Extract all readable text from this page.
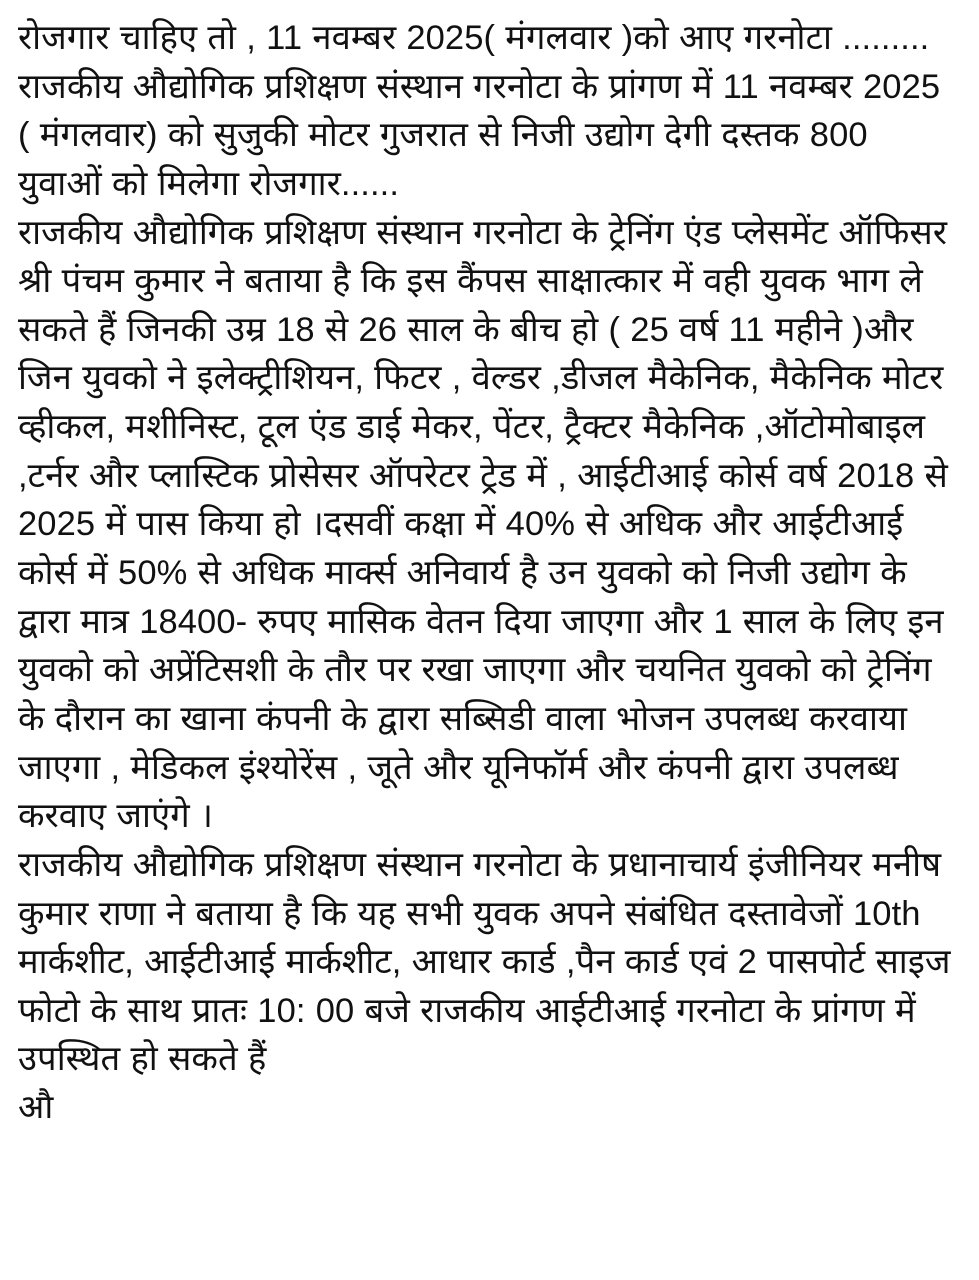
रोजगार चाहिए तो , 11 नवम्बर 2025( मंगलवार )को आए गरनोटा .........

राजकीय औद्योगिक प्रशिक्षण संस्थान गरनोटा के प्रांगण में 11 नवम्बर 2025 ( मंगलवार) को सुजुकी मोटर गुजरात से निजी उद्योग देगी दस्तक 800 युवाओं को मिलेगा रोजगार......

राजकीय औद्योगिक प्रशिक्षण संस्थान गरनोटा के ट्रेनिंग एंड प्लेसमेंट ऑफिसर श्री पंचम कुमार ने बताया है कि इस कैंपस साक्षात्कार में वही युवक भाग ले सकते हैं जिनकी उम्र 18 से 26 साल के बीच हो ( 25 वर्ष 11 महीने )और जिन युवको ने इलेक्ट्रीशियन, फिटर , वेल्डर ,डीजल मैकेनिक, मैकेनिक मोटर व्हीकल, मशीनिस्ट, टूल एंड डाई मेकर, पेंटर, ट्रैक्टर मैकेनिक ,ऑटोमोबाइल ,टर्नर और प्लास्टिक प्रोसेसर ऑपरेटर ट्रेड में , आईटीआई कोर्स वर्ष 2018 से 2025 में पास किया हो ।दसवीं कक्षा में 40% से अधिक और आईटीआई कोर्स में 50% से अधिक मार्क्स अनिवार्य है उन युवको को निजी उद्योग के द्वारा मात्र 18400- रुपए मासिक वेतन दिया जाएगा और 1 साल के लिए इन युवको को अप्रेंटिसशी के तौर पर रखा जाएगा और चयनित युवको को ट्रेनिंग के दौरान का खाना कंपनी के द्वारा सब्सिडी वाला भोजन उपलब्ध करवाया जाएगा , मेडिकल इंश्योरेंस , जूते और यूनिफॉर्म और कंपनी द्वारा उपलब्ध करवाए जाएंगे ।

राजकीय औद्योगिक प्रशिक्षण संस्थान गरनोटा के प्रधानाचार्य इंजीनियर मनीष कुमार राणा ने बताया है कि यह सभी युवक अपने संबंधित दस्तावेजों 10th मार्कशीट, आईटीआई मार्कशीट, आधार कार्ड ,पैन कार्ड एवं 2 पासपोर्ट साइज फोटो के साथ प्रातः 10: 00 बजे राजकीय आईटीआई गरनोटा के प्रांगण में उपस्थित हो सकते हैं

औ
